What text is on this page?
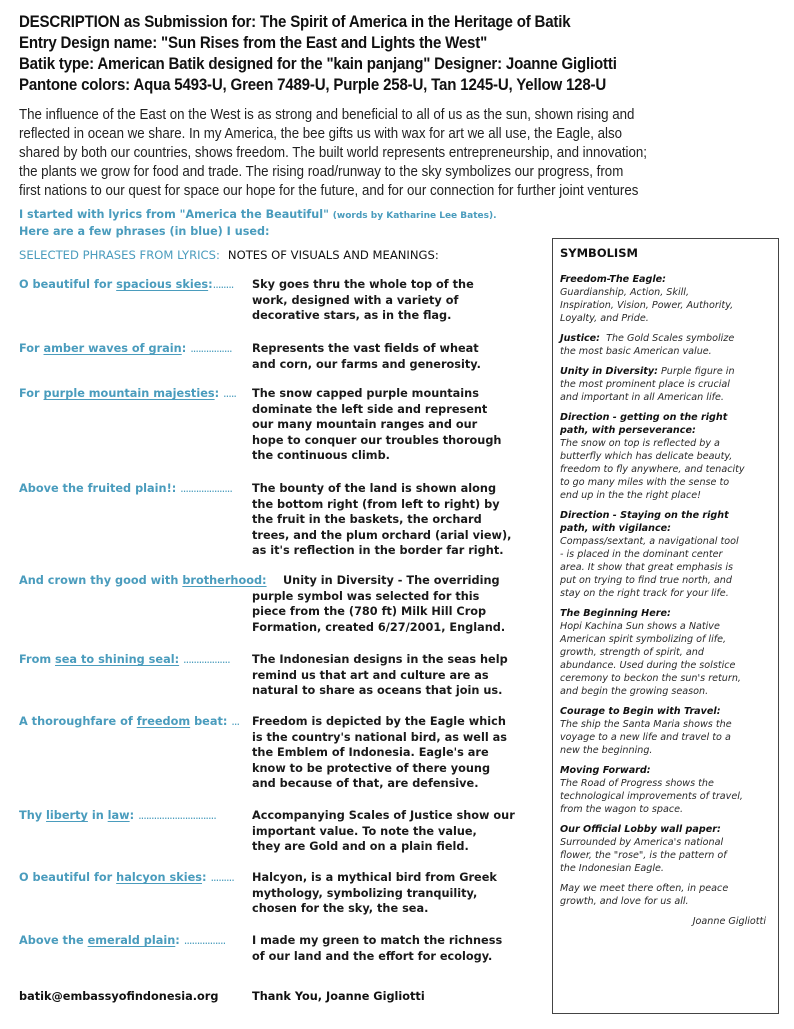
DESCRIPTION as Submission for: The Spirit of America in the Heritage of Batik
Entry Design name: "Sun Rises from the East and Lights the West"
Batik type: American Batik designed for the "kain panjang" Designer: Joanne Gigliotti
Pantone colors: Aqua 5493-U, Green 7489-U, Purple 258-U, Tan 1245-U, Yellow 128-U
The influence of the East on the West is as strong and beneficial to all of us as the sun, shown rising and
reflected in ocean we share. In my America, the bee gifts us with wax for art we all use, the Eagle, also
shared by both our countries, shows freedom. The built world represents entrepreneurship, and innovation;
the plants we grow for food and trade. The rising road/runway to the sky symbolizes our progress, from
first nations to our quest for space our hope for the future, and for our connection for further joint ventures
I started with lyrics from "America the Beautiful" (words by Katharine Lee Bates).
Here are a few phrases (in blue) I used:
SELECTED PHRASES FROM LYRICS: NOTES OF VISUALS AND MEANINGS:
O beautiful for spacious skies:........ Sky goes thru the whole top of the
work, designed with a variety of
decorative stars, as in the flag.
For amber waves of grain: ................ Represents the vast fields of wheat
and corn, our farms and generosity.
For purple mountain majesties: ..... The snow capped purple mountains
dominate the left side and represent
our many mountain ranges and our
hope to conquer our troubles thorough
the continuous climb.
Above the fruited plain!: .................... The bounty of the land is shown along
the bottom right (from left to right) by
the fruit in the baskets, the orchard
trees, and the plum orchard (arial view),
as it's reflection in the border far right.
And crown thy good with brotherhood: Unity in Diversity - The overriding
purple symbol was selected for this
piece from the (780 ft) Milk Hill Crop
Formation, created 6/27/2001, England.
From sea to shining seal: .................. The Indonesian designs in the seas help
remind us that art and culture are as
natural to share as oceans that join us.
A thoroughfare of freedom beat: ... Freedom is depicted by the Eagle which
is the country's national bird, as well as
the Emblem of Indonesia. Eagle's are
know to be protective of there young
and because of that, are defensive.
Thy liberty in law: ..............................	Accompanying Scales of Justice show our
important value. To note the value,
they are Gold and on a plain field.
O beautiful for halcyon skies: ......... Halcyon, is a mythical bird from Greek
mythology, symbolizing tranquility,
chosen for the sky, the sea.
Above the emerald plain: ................ I made my green to match the richness
of our land and the effort for ecology.
batik@embassyofindonesia.org	Thank You, Joanne Gigliotti
SYMBOLISM
Freedom-The Eagle:
Guardianship, Action, Skill,
Inspiration, Vision, Power, Authority,
Loyalty, and Pride.
Justice:  The Gold Scales symbolize
the most basic American value.
Unity in Diversity: Purple figure in
the most prominent place is crucial
and important in all American life.
Direction - getting on the right
path, with perseverance:
The snow on top is reflected by a
butterfly which has delicate beauty,
freedom to fly anywhere, and tenacity
to go many miles with the sense to
end up in the the right place!
Direction - Staying on the right
path, with vigilance:
Compass/sextant, a navigational tool
- is placed in the dominant center
area. It show that great emphasis is
put on trying to find true north, and
stay on the right track for your life.
The Beginning Here:
Hopi Kachina Sun shows a Native
American spirit symbolizing of life,
growth, strength of spirit, and
abundance. Used during the solstice
ceremony to beckon the sun's return,
and begin the growing season.
Courage to Begin with Travel:
The ship the Santa Maria shows the
voyage to a new life and travel to a
new the beginning.
Moving Forward:
The Road of Progress shows the
technological improvements of travel,
from the wagon to space.
Our Official Lobby wall paper:
Surrounded by America's national
flower, the "rose", is the pattern of
the Indonesian Eagle.
May we meet there often, in peace
growth, and love for us all.
Joanne Gigliotti
